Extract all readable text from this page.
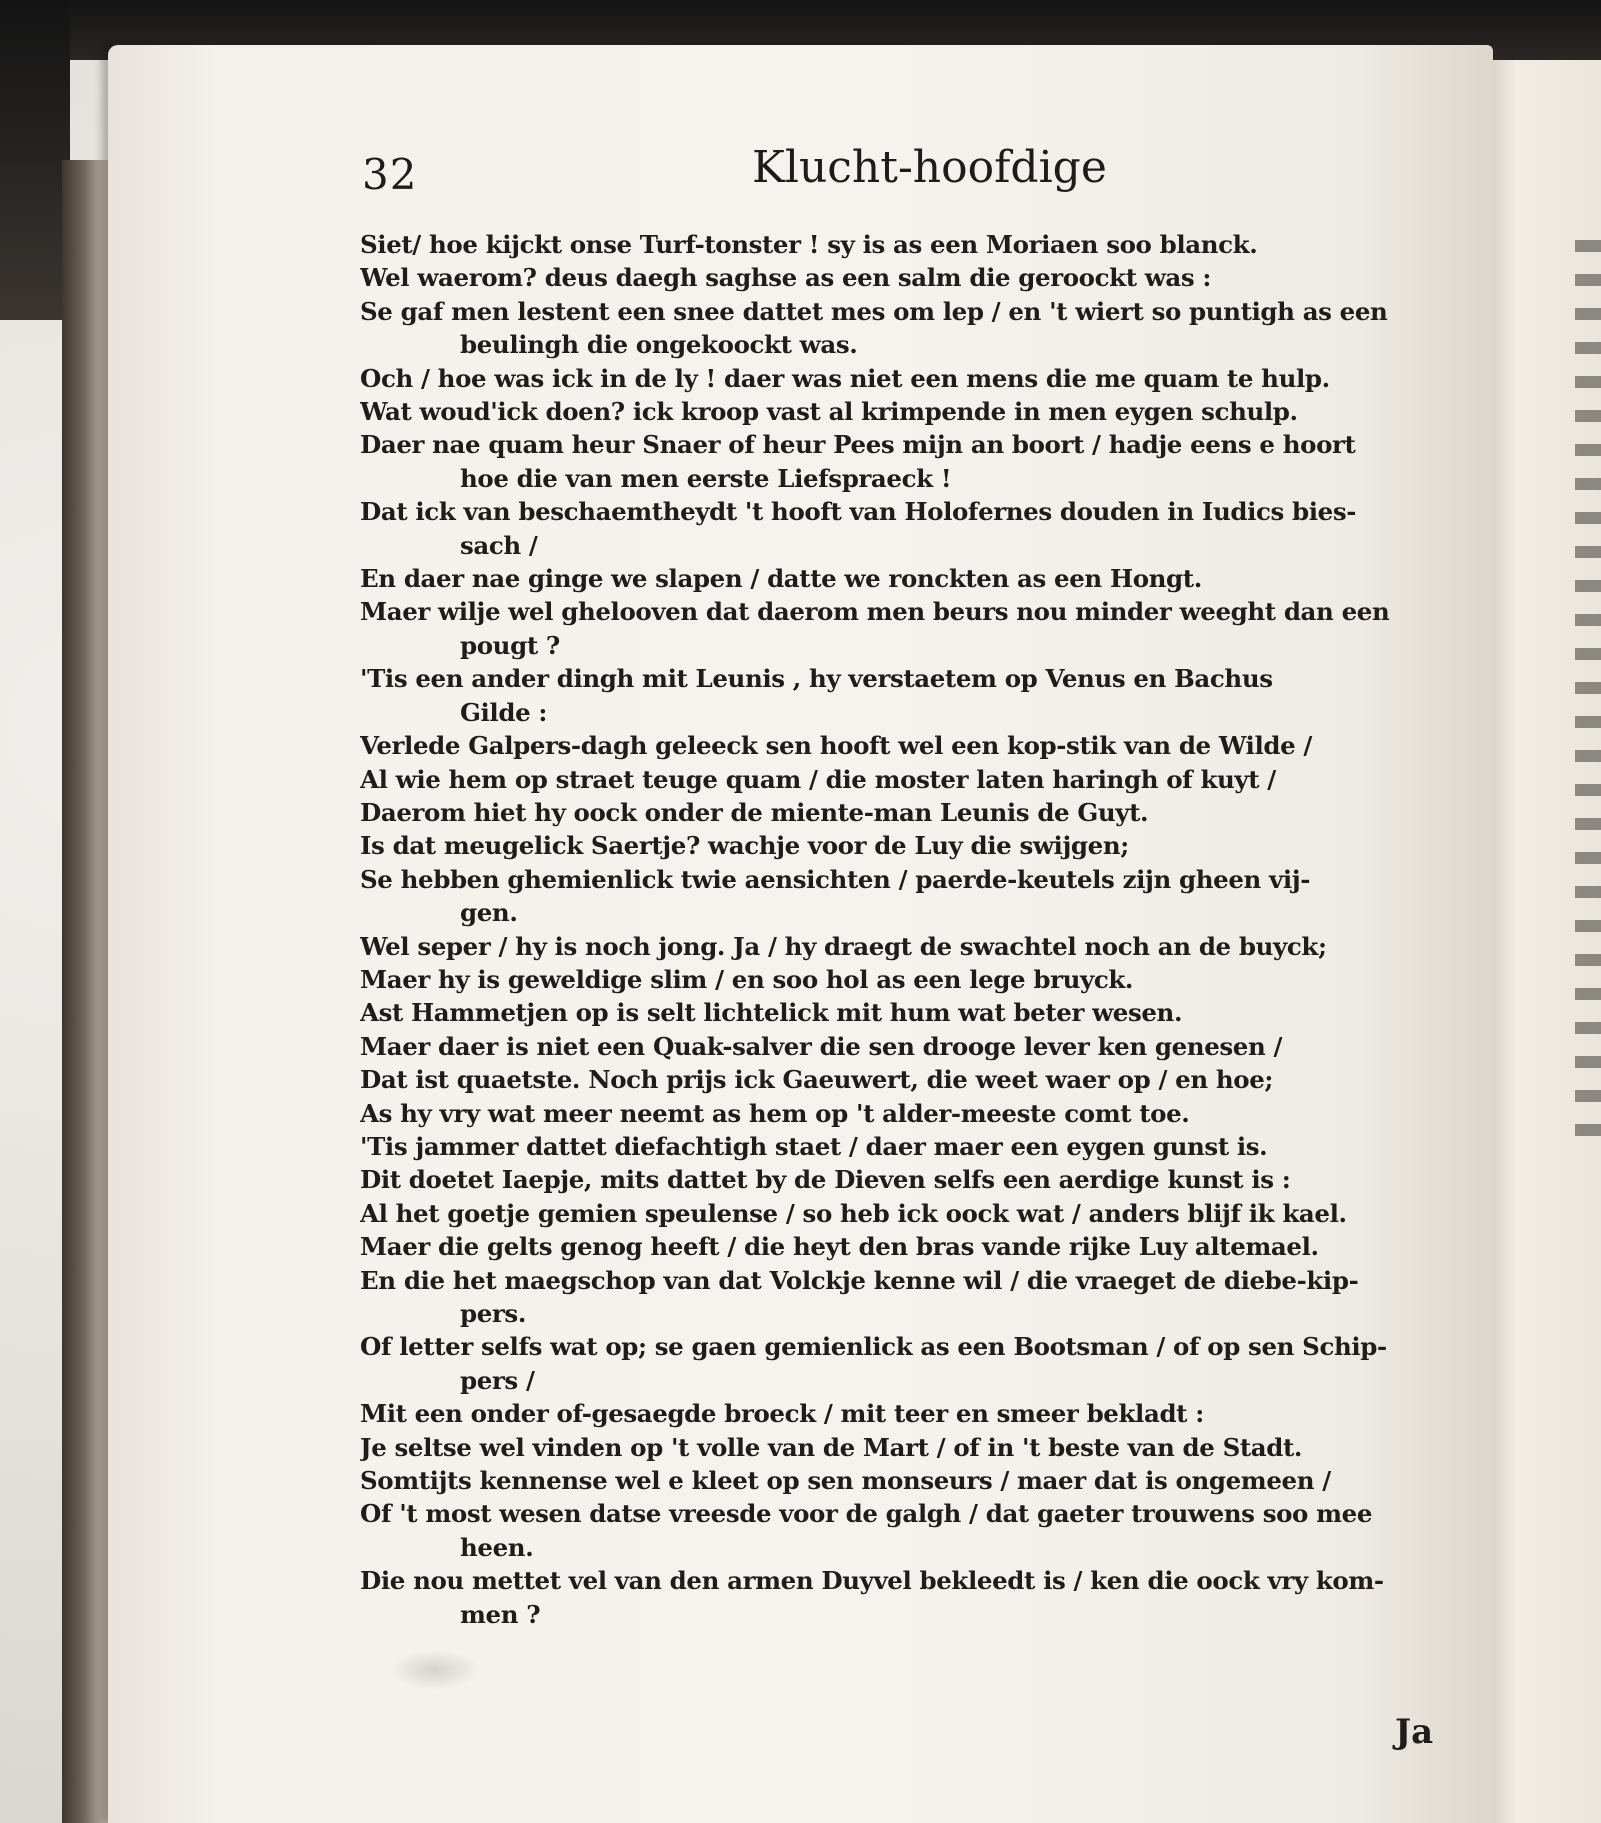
32	Klucht-hoofdige
Siet/ hoe kijckt onse Turf-tonster ! sy is as een Moriaen soo blanck.
Wel waerom? deus daegh saghse as een salm die geroockt was :
Se gaf men lestent een snee dattet mes om lep / en 't wiert so puntigh as een
beulingh die ongekoockt was.
Och / hoe was ick in de ly ! daer was niet een mens die me quam te hulp.
Wat woud'ick doen? ick kroop vast al krimpende in men eygen schulp.
Daer nae quam heur Snaer of heur Pees mijn an boort / hadje eens e hoort
hoe die van men eerste Liefspraeck !
Dat ick van beschaemtheydt 't hooft van Holofernes douden in Iudics bies-
sach /
En daer nae ginge we slapen / datte we ronckten as een Hongt.
Maer wilje wel ghelooven dat daerom men beurs nou minder weeght dan een
pougt ?
'Tis een ander dingh mit Leunis , hy verstaetem op Venus en Bachus
Gilde :
Verlede Galpers-dagh geleeck sen hooft wel een kop-stik van de Wilde /
Al wie hem op straet teuge quam / die moster laten haringh of kuyt /
Daerom hiet hy oock onder de miente-man Leunis de Guyt.
Is dat meugelick Saertje? wachje voor de Luy die swijgen;
Se hebben ghemienlick twie aensichten / paerde-keutels zijn gheen vij-
gen.
Wel seper / hy is noch jong. Ja / hy draegt de swachtel noch an de buyck;
Maer hy is geweldige slim / en soo hol as een lege bruyck.
Ast Hammetjen op is selt lichtelick mit hum wat beter wesen.
Maer daer is niet een Quak-salver die sen drooge lever ken genesen /
Dat ist quaetste. Noch prijs ick Gaeuwert, die weet waer op / en hoe;
As hy vry wat meer neemt as hem op 't alder-meeste comt toe.
'Tis jammer dattet diefachtigh staet / daer maer een eygen gunst is.
Dit doetet Iaepje, mits dattet by de Dieven selfs een aerdige kunst is :
Al het goetje gemien speulense / so heb ick oock wat / anders blijf ik kael.
Maer die gelts genog heeft / die heyt den bras vande rijke Luy altemael.
En die het maegschop van dat Volckje kenne wil / die vraeget de diebe-kip-
pers.
Of letter selfs wat op; se gaen gemienlick as een Bootsman / of op sen Schip-
pers /
Mit een onder of-gesaegde broeck / mit teer en smeer bekladt :
Je seltse wel vinden op 't volle van de Mart / of in 't beste van de Stadt.
Somtijts kennense wel e kleet op sen monseurs / maer dat is ongemeen /
Of 't most wesen datse vreesde voor de galgh / dat gaeter trouwens soo mee
heen.
Die nou mettet vel van den armen Duyvel bekleedt is / ken die oock vry kom-
men ?
Ja
